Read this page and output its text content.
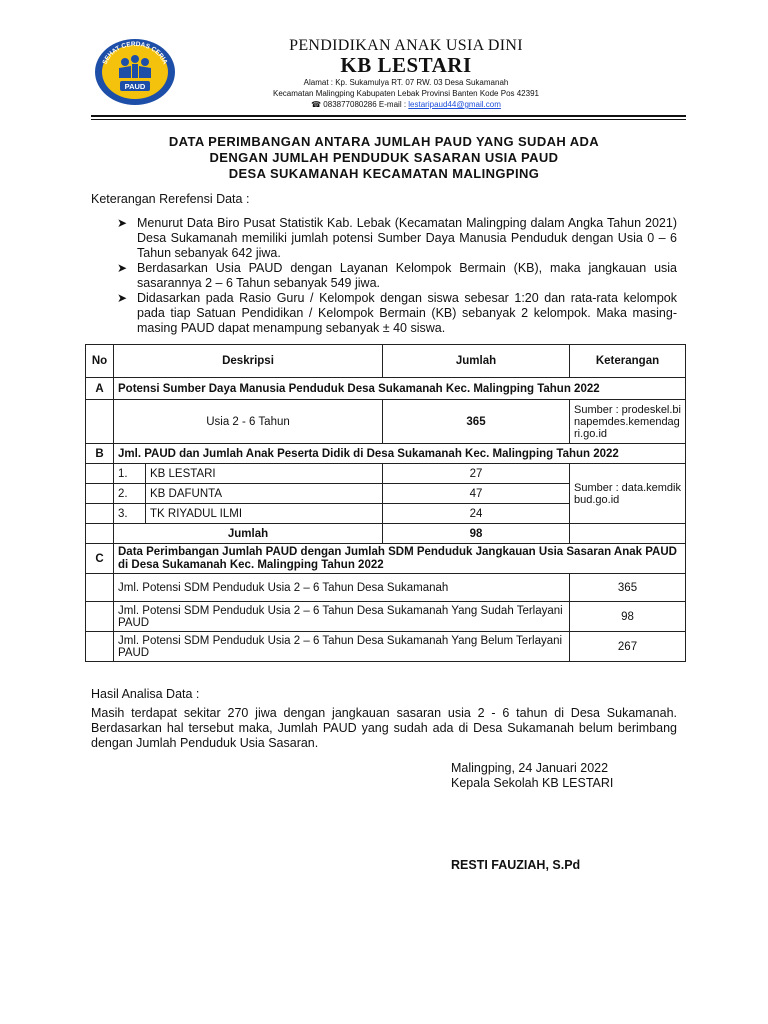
SEHAT CERDAS CERIA
PAUD
PENDIDIKAN ANAK USIA DINI
KB LESTARI
Alamat : Kp. Sukamulya RT. 07 RW. 03 Desa Sukamanah
Kecamatan Malingping Kabupaten Lebak Provinsi Banten Kode Pos 42391
☎ 083877080286 E-mail : lestaripaud44@gmail.com
DATA PERIMBANGAN ANTARA JUMLAH PAUD YANG SUDAH ADA
DENGAN JUMLAH PENDUDUK SASARAN USIA PAUD
DESA SUKAMANAH KECAMATAN MALINGPING
Keterangan Rerefensi Data :
➤ Menurut Data Biro Pusat Statistik Kab. Lebak (Kecamatan Malingping dalam Angka Tahun 2021) Desa Sukamanah memiliki jumlah potensi Sumber Daya Manusia Penduduk dengan Usia 0 – 6 Tahun sebanyak 642 jiwa.
➤ Berdasarkan Usia PAUD dengan Layanan Kelompok Bermain (KB), maka jangkauan usia sasarannya 2 – 6 Tahun sebanyak 549 jiwa.
➤ Didasarkan pada Rasio Guru / Kelompok dengan siswa sebesar 1:20 dan rata-rata kelompok pada tiap Satuan Pendidikan / Kelompok Bermain (KB) sebanyak 2 kelompok. Maka masing-masing PAUD dapat menampung sebanyak ± 40 siswa.
No	Deskripsi		Jumlah	Keterangan
A	Potensi Sumber Daya Manusia Penduduk Desa Sukamanah Kec. Malingping Tahun 2022			
	Usia 2 - 6 Tahun		365	Sumber : prodeskel.binapemdes.kemendagri.go.id
B	Jml. PAUD dan Jumlah Anak Peserta Didik di Desa Sukamanah Kec. Malingping Tahun 2022			
	1.	KB LESTARI	27	Sumber : data.kemdikbud.go.id
	2.	KB DAFUNTA	47	
	3.	TK RIYADUL ILMI	24	
	Jumlah		98	
C	Data Perimbangan Jumlah PAUD dengan Jumlah SDM Penduduk Jangkauan Usia Sasaran Anak PAUD di Desa Sukamanah Kec. Malingping Tahun 2022			
	Jml. Potensi SDM Penduduk Usia 2 – 6 Tahun Desa Sukamanah			365
	Jml. Potensi SDM Penduduk Usia 2 – 6 Tahun Desa Sukamanah Yang Sudah Terlayani PAUD			98
	Jml. Potensi SDM Penduduk Usia 2 – 6 Tahun Desa Sukamanah Yang Belum Terlayani PAUD			267
Hasil Analisa Data :
Masih terdapat sekitar 270 jiwa dengan jangkauan sasaran usia 2 - 6 tahun di Desa Sukamanah. Berdasarkan hal tersebut maka, Jumlah PAUD yang sudah ada di Desa Sukamanah belum berimbang dengan Jumlah Penduduk Usia Sasaran.
Malingping, 24 Januari 2022
Kepala Sekolah KB LESTARI
RESTI FAUZIAH, S.Pd
